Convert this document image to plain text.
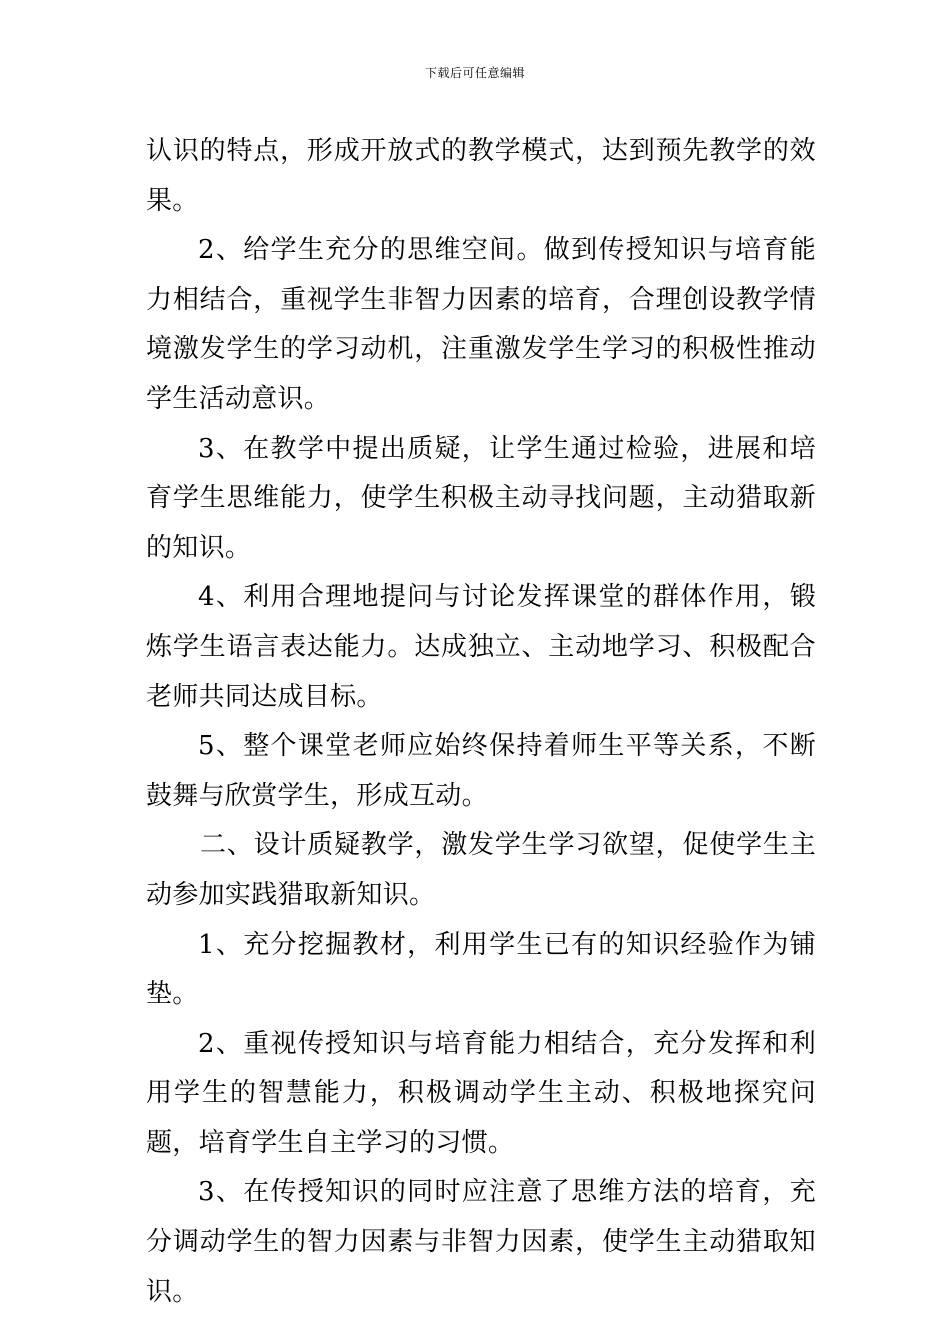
下载后可任意编辑

认识的特点，形成开放式的教学模式，达到预先教学的效果。

2、给学生充分的思维空间。做到传授知识与培育能力相结合，重视学生非智力因素的培育，合理创设教学情境激发学生的学习动机，注重激发学生学习的积极性推动学生活动意识。

3、在教学中提出质疑，让学生通过检验，进展和培育学生思维能力，使学生积极主动寻找问题，主动猎取新的知识。

4、利用合理地提问与讨论发挥课堂的群体作用，锻炼学生语言表达能力。达成独立、主动地学习、积极配合老师共同达成目标。

5、整个课堂老师应始终保持着师生平等关系，不断鼓舞与欣赏学生，形成互动。

二、设计质疑教学，激发学生学习欲望，促使学生主动参加实践猎取新知识。

1、充分挖掘教材，利用学生已有的知识经验作为铺垫。

2、重视传授知识与培育能力相结合，充分发挥和利用学生的智慧能力，积极调动学生主动、积极地探究问题，培育学生自主学习的习惯。

3、在传授知识的同时应注意了思维方法的培育，充分调动学生的智力因素与非智力因素，使学生主动猎取知识。
